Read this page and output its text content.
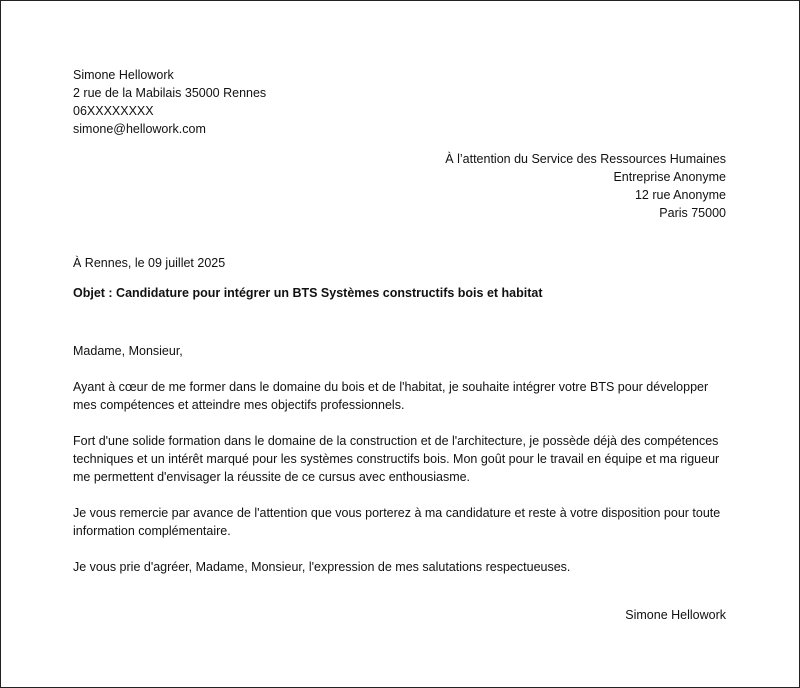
Simone Hellowork
2 rue de la Mabilais 35000 Rennes
06XXXXXXXX
simone@hellowork.com
À l’attention du Service des Ressources Humaines
Entreprise Anonyme
12 rue Anonyme
Paris 75000
À Rennes, le 09 juillet 2025
Objet : Candidature pour intégrer un BTS Systèmes constructifs bois et habitat

Madame, Monsieur,

Ayant à cœur de me former dans le domaine du bois et de l'habitat, je souhaite intégrer votre BTS pour développer mes compétences et atteindre mes objectifs professionnels.

Fort d'une solide formation dans le domaine de la construction et de l'architecture, je possède déjà des compétences techniques et un intérêt marqué pour les systèmes constructifs bois. Mon goût pour le travail en équipe et ma rigueur me permettent d'envisager la réussite de ce cursus avec enthousiasme.

Je vous remercie par avance de l'attention que vous porterez à ma candidature et reste à votre disposition pour toute information complémentaire.

Je vous prie d'agréer, Madame, Monsieur, l'expression de mes salutations respectueuses.

Simone Hellowork
